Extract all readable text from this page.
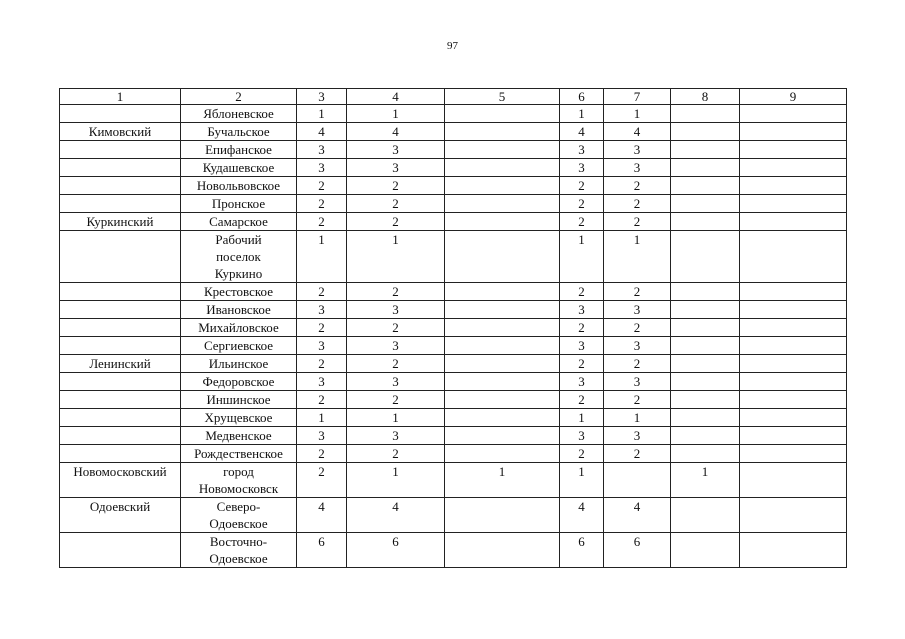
97
1	2	3	4	5	6	7	8	9

	Яблоневское	1	1		1	1		

Кимовский	Бучальское	4	4		4	4		

	Епифанское	3	3		3	3		

	Кудашевское	3	3		3	3		

	Новольвовское	2	2		2	2		

	Пронское	2	2		2	2		

Куркинский	Самарское	2	2		2	2		

	Рабочий
поселок
Куркино	1	1		1	1		

	Крестовское	2	2		2	2		

	Ивановское	3	3		3	3		

	Михайловское	2	2		2	2		

	Сергиевское	3	3		3	3		

Ленинский	Ильинское	2	2		2	2		

	Федоровское	3	3		3	3		

	Иншинское	2	2		2	2		

	Хрущевское	1	1		1	1		

	Медвенское	3	3		3	3		

	Рождественское	2	2		2	2		

Новомосковский	город
Новомосковск	2	1	1	1		1	

Одоевский	Северо-
Одоевское	4	4		4	4		

	Восточно-
Одоевское	6	6		6	6		
